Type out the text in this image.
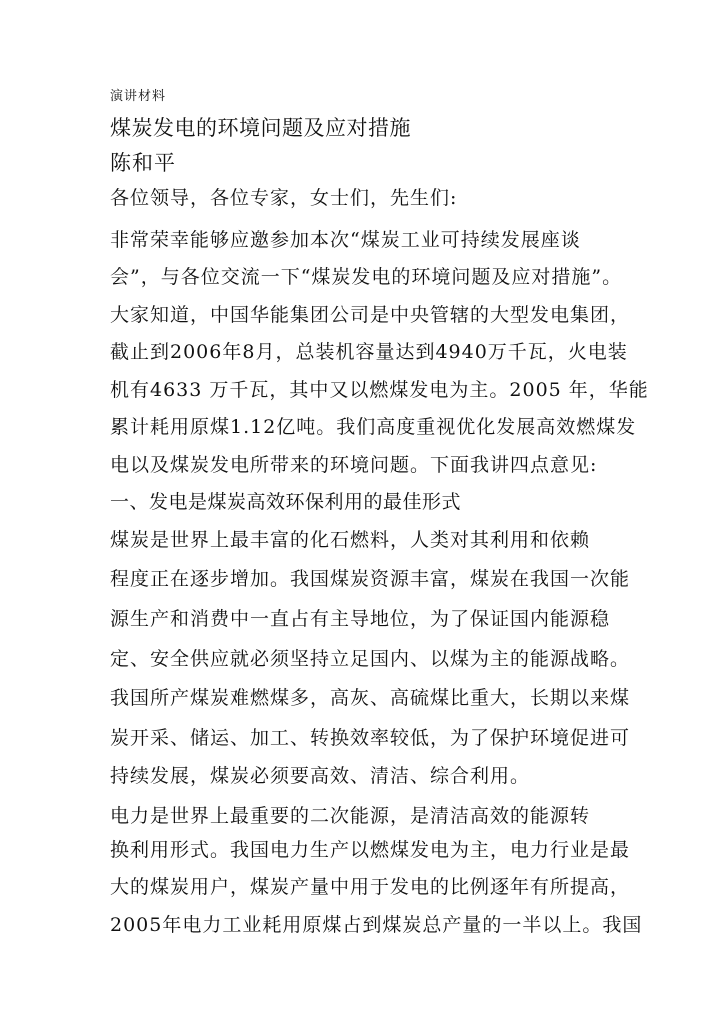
演讲材料
煤炭发电的环境问题及应对措施
陈和平
各位领导，各位专家，女士们，先生们:
非常荣幸能够应邀参加本次“煤炭工业可持续发展座谈
会”，与各位交流一下“煤炭发电的环境问题及应对措施”。
大家知道，中国华能集团公司是中央管辖的大型发电集团，
截止到2006年8月，总装机容量达到4940万千瓦，火电装
机有4633 万千瓦，其中又以燃煤发电为主。2005 年，华能
累计耗用原煤1.12亿吨。我们高度重视优化发展高效燃煤发
电以及煤炭发电所带来的环境问题。下面我讲四点意见:
一、发电是煤炭高效环保利用的最佳形式
煤炭是世界上最丰富的化石燃料，人类对其利用和依赖
程度正在逐步增加。我国煤炭资源丰富，煤炭在我国一次能
源生产和消费中一直占有主导地位，为了保证国内能源稳
定、安全供应就必须坚持立足国内、以煤为主的能源战略。
我国所产煤炭难燃煤多，高灰、高硫煤比重大，长期以来煤
炭开采、储运、加工、转换效率较低，为了保护环境促进可
持续发展，煤炭必须要高效、清洁、综合利用。
电力是世界上最重要的二次能源，是清洁高效的能源转
换利用形式。我国电力生产以燃煤发电为主，电力行业是最
大的煤炭用户，煤炭产量中用于发电的比例逐年有所提高，
2005年电力工业耗用原煤占到煤炭总产量的一半以上。我国
